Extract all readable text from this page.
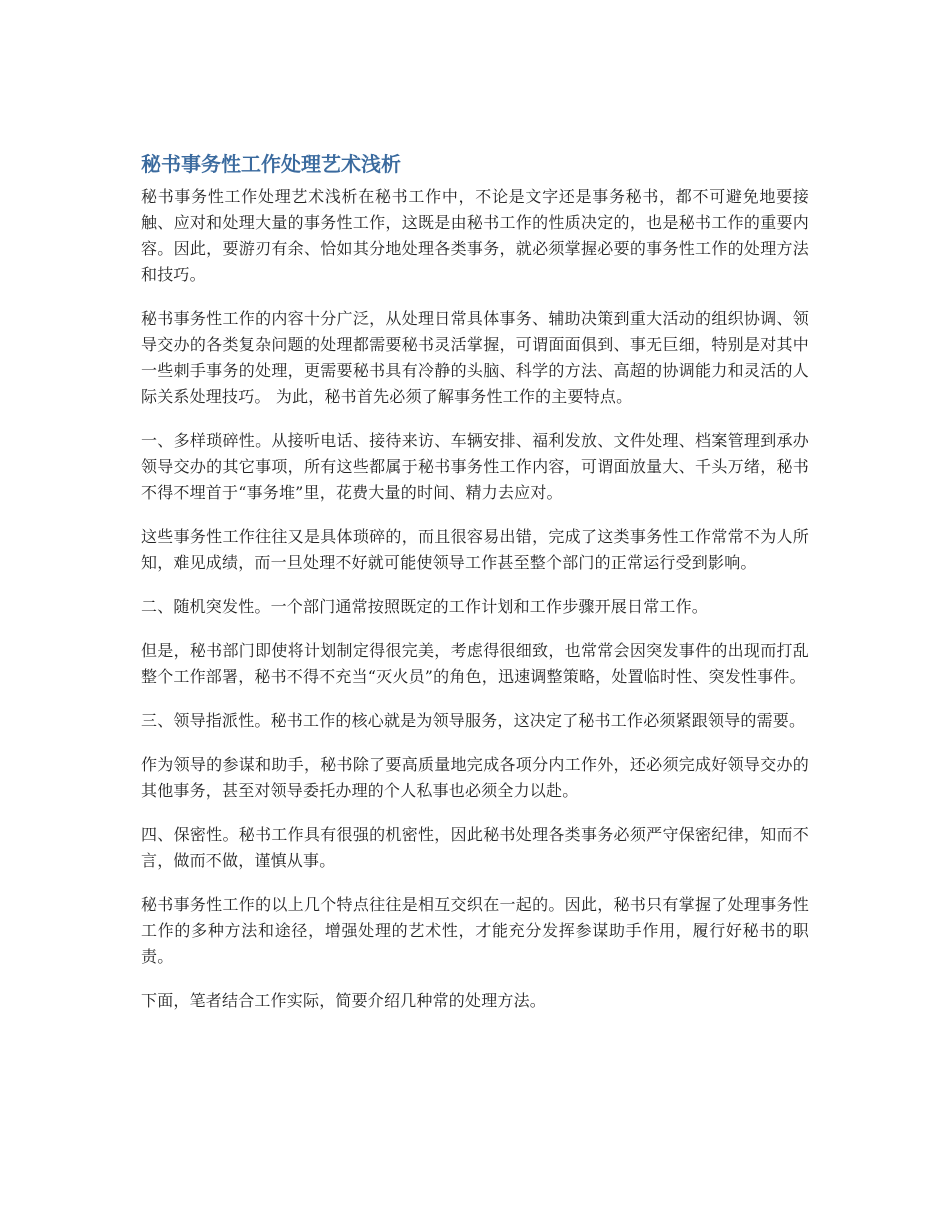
秘书事务性工作处理艺术浅析

秘书事务性工作处理艺术浅析在秘书工作中，不论是文字还是事务秘书，都不可避免地要接触、应对和处理大量的事务性工作，这既是由秘书工作的性质决定的，也是秘书工作的重要内容。因此，要游刃有余、恰如其分地处理各类事务，就必须掌握必要的事务性工作的处理方法和技巧。

秘书事务性工作的内容十分广泛，从处理日常具体事务、辅助决策到重大活动的组织协调、领导交办的各类复杂问题的处理都需要秘书灵活掌握，可谓面面俱到、事无巨细，特别是对其中一些刺手事务的处理，更需要秘书具有冷静的头脑、科学的方法、高超的协调能力和灵活的人际关系处理技巧。 为此，秘书首先必须了解事务性工作的主要特点。

一、多样琐碎性。从接听电话、接待来访、车辆安排、福利发放、文件处理、档案管理到承办领导交办的其它事项，所有这些都属于秘书事务性工作内容，可谓面放量大、千头万绪，秘书不得不埋首于“事务堆”里，花费大量的时间、精力去应对。

这些事务性工作往往又是具体琐碎的，而且很容易出错，完成了这类事务性工作常常不为人所知，难见成绩，而一旦处理不好就可能使领导工作甚至整个部门的正常运行受到影响。

二、随机突发性。一个部门通常按照既定的工作计划和工作步骤开展日常工作。

但是，秘书部门即使将计划制定得很完美，考虑得很细致，也常常会因突发事件的出现而打乱整个工作部署，秘书不得不充当“灭火员”的角色，迅速调整策略，处置临时性、突发性事件。

三、领导指派性。秘书工作的核心就是为领导服务，这决定了秘书工作必须紧跟领导的需要。

作为领导的参谋和助手，秘书除了要高质量地完成各项分内工作外，还必须完成好领导交办的其他事务，甚至对领导委托办理的个人私事也必须全力以赴。

四、保密性。秘书工作具有很强的机密性，因此秘书处理各类事务必须严守保密纪律，知而不言，做而不做，谨慎从事。

秘书事务性工作的以上几个特点往往是相互交织在一起的。因此，秘书只有掌握了处理事务性工作的多种方法和途径，增强处理的艺术性，才能充分发挥参谋助手作用，履行好秘书的职责。

下面，笔者结合工作实际，简要介绍几种常的处理方法。
